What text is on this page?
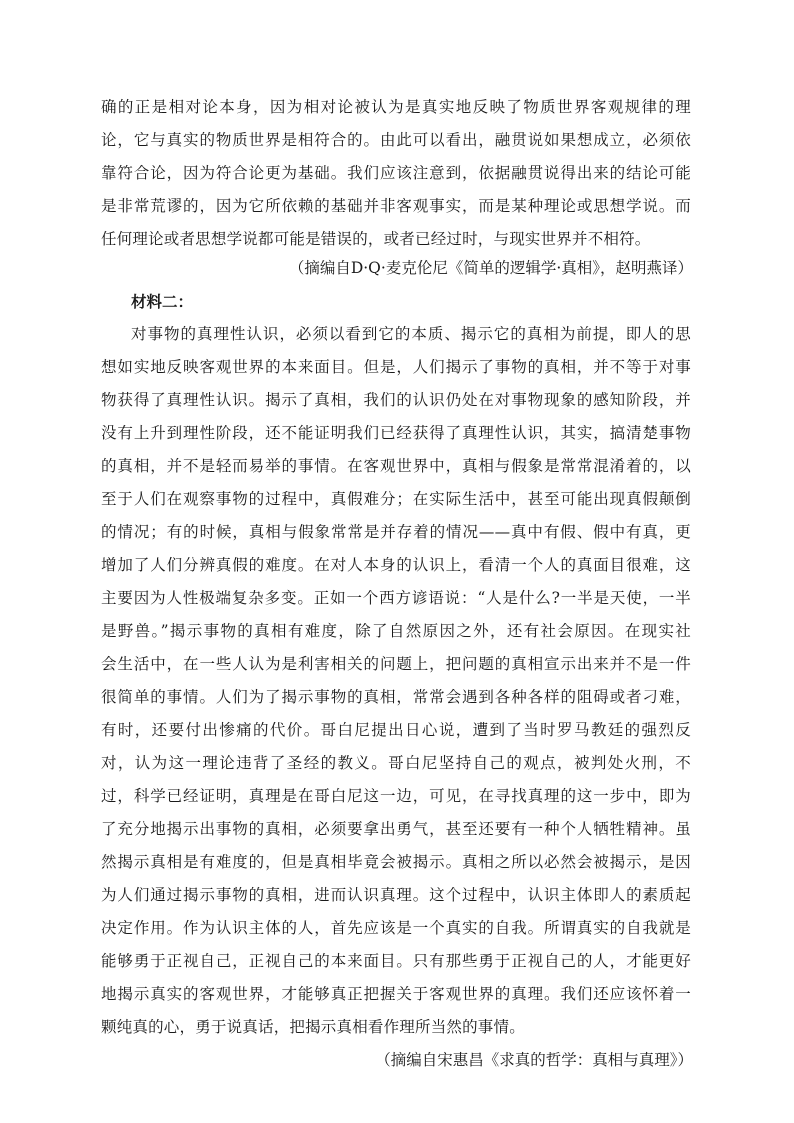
确的正是相对论本身，因为相对论被认为是真实地反映了物质世界客观规律的理
论，它与真实的物质世界是相符合的。由此可以看出，融贯说如果想成立，必须依
靠符合论，因为符合论更为基础。我们应该注意到，依据融贯说得出来的结论可能
是非常荒谬的，因为它所依赖的基础并非客观事实，而是某种理论或思想学说。而
任何理论或者思想学说都可能是错误的，或者已经过时，与现实世界并不相符。
（摘编自D·Q·麦克伦尼《简单的逻辑学·真相》，赵明燕译）
材料二：
对事物的真理性认识，必须以看到它的本质、揭示它的真相为前提，即人的思
想如实地反映客观世界的本来面目。但是，人们揭示了事物的真相，并不等于对事
物获得了真理性认识。揭示了真相，我们的认识仍处在对事物现象的感知阶段，并
没有上升到理性阶段，还不能证明我们已经获得了真理性认识，其实，搞清楚事物
的真相，并不是轻而易举的事情。在客观世界中，真相与假象是常常混淆着的，以
至于人们在观察事物的过程中，真假难分；在实际生活中，甚至可能出现真假颠倒
的情况；有的时候，真相与假象常常是并存着的情况——真中有假、假中有真，更
增加了人们分辨真假的难度。在对人本身的认识上，看清一个人的真面目很难，这
主要因为人性极端复杂多变。正如一个西方谚语说：“人是什么?一半是天使，一半
是野兽。”揭示事物的真相有难度，除了自然原因之外，还有社会原因。在现实社
会生活中，在一些人认为是利害相关的问题上，把问题的真相宣示出来并不是一件
很简单的事情。人们为了揭示事物的真相，常常会遇到各种各样的阻碍或者刁难，
有时，还要付出惨痛的代价。哥白尼提出日心说，遭到了当时罗马教廷的强烈反
对，认为这一理论违背了圣经的教义。哥白尼坚持自己的观点，被判处火刑，不
过，科学已经证明，真理是在哥白尼这一边，可见，在寻找真理的这一步中，即为
了充分地揭示出事物的真相，必须要拿出勇气，甚至还要有一种个人牺牲精神。虽
然揭示真相是有难度的，但是真相毕竟会被揭示。真相之所以必然会被揭示，是因
为人们通过揭示事物的真相，进而认识真理。这个过程中，认识主体即人的素质起
决定作用。作为认识主体的人，首先应该是一个真实的自我。所谓真实的自我就是
能够勇于正视自己，正视自己的本来面目。只有那些勇于正视自己的人，才能更好
地揭示真实的客观世界，才能够真正把握关于客观世界的真理。我们还应该怀着一
颗纯真的心，勇于说真话，把揭示真相看作理所当然的事情。
（摘编自宋惠昌《求真的哲学：真相与真理》）
